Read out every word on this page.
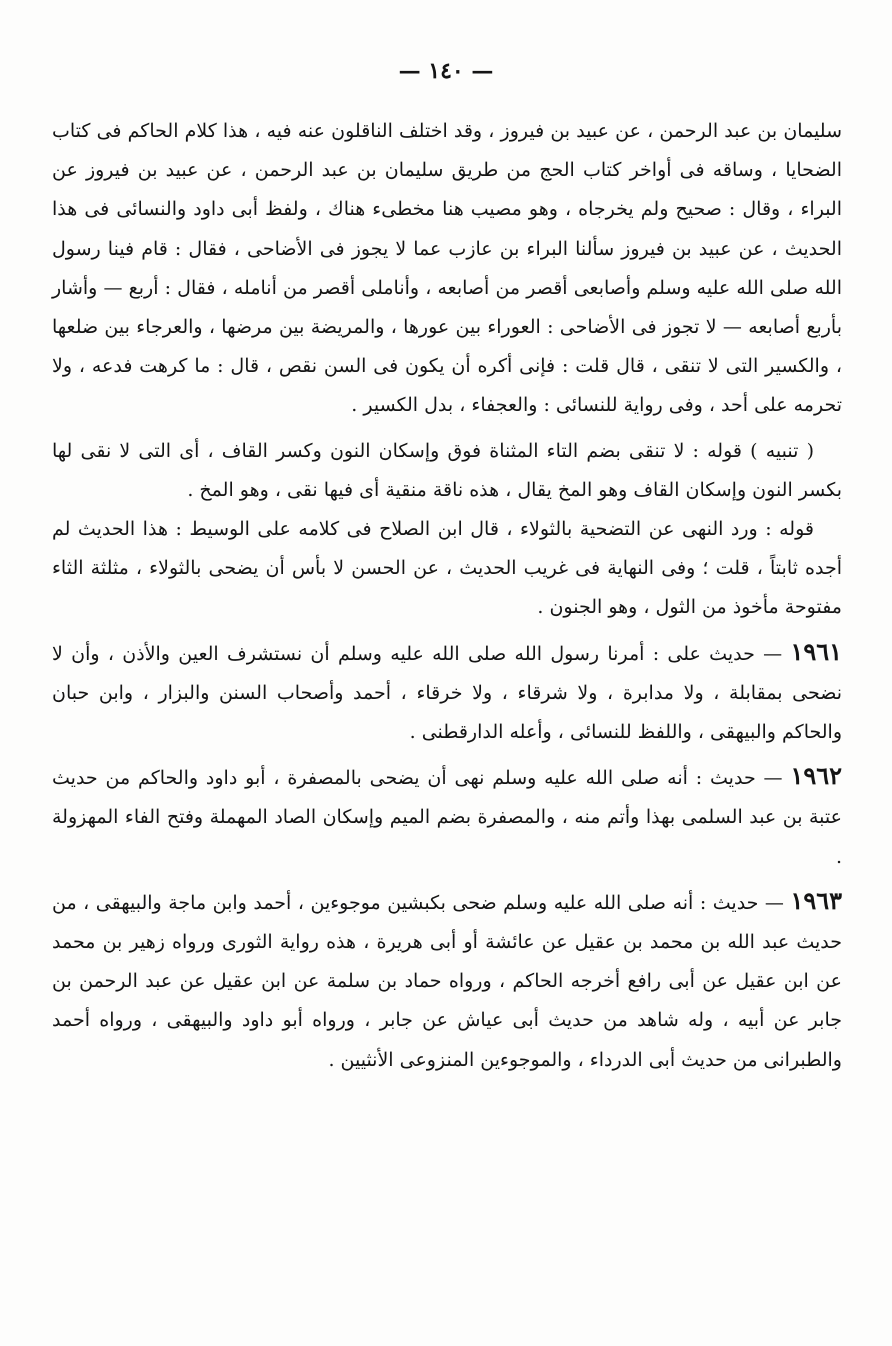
— ١٤٠ —

سليمان بن عبد الرحمن ، عن عبيد بن فيروز ، وقد اختلف الناقلون عنه فيه ، هذا كلام الحاكم فى كتاب الضحايا ، وساقه فى أواخر كتاب الحج من طريق سليمان بن عبد الرحمن ، عن عبيد بن فيروز عن البراء ، وقال : صحيح ولم يخرجاه ، وهو مصيب هنا مخطىء هناك ، ولفظ أبى داود والنسائى فى هذا الحديث ، عن عبيد بن فيروز سألنا البراء بن عازب عما لا يجوز فى الأضاحى ، فقال : قام فينا رسول الله صلى الله عليه وسلم وأصابعى أقصر من أصابعه ، وأناملى أقصر من أنامله ، فقال : أربع — وأشار بأربع أصابعه — لا تجوز فى الأضاحى : العوراء بين عورها ، والمريضة بين مرضها ، والعرجاء بين ضلعها ، والكسير التى لا تنقى ، قال قلت : فإنى أكره أن يكون فى السن نقص ، قال : ما كرهت فدعه ، ولا تحرمه على أحد ، وفى رواية للنسائى : والعجفاء ، بدل الكسير .

( تنبيه ) قوله : لا تنقى بضم التاء المثناة فوق وإسكان النون وكسر القاف ، أى التى لا نقى لها بكسر النون وإسكان القاف وهو المخ يقال ، هذه ناقة منقية أى فيها نقى ، وهو المخ .

قوله : ورد النهى عن التضحية بالثولاء ، قال ابن الصلاح فى كلامه على الوسيط : هذا الحديث لم أجده ثابتاً ، قلت ؛ وفى النهاية فى غريب الحديث ، عن الحسن لا بأس أن يضحى بالثولاء ، مثلثة الثاء مفتوحة مأخوذ من الثول ، وهو الجنون .

١٩٦١ — حديث على : أمرنا رسول الله صلى الله عليه وسلم أن نستشرف العين والأذن ، وأن لا نضحى بمقابلة ، ولا مدابرة ، ولا شرقاء ، ولا خرقاء ، أحمد وأصحاب السنن والبزار ، وابن حبان والحاكم والبيهقى ، واللفظ للنسائى ، وأعله الدارقطنى .

١٩٦٢ — حديث : أنه صلى الله عليه وسلم نهى أن يضحى بالمصفرة ، أبو داود والحاكم من حديث عتبة بن عبد السلمى بهذا وأتم منه ، والمصفرة بضم الميم وإسكان الصاد المهملة وفتح الفاء المهزولة .

١٩٦٣ — حديث : أنه صلى الله عليه وسلم ضحى بكبشين موجوءين ، أحمد وابن ماجة والبيهقى ، من حديث عبد الله بن محمد بن عقيل عن عائشة أو أبى هريرة ، هذه رواية الثورى ورواه زهير بن محمد عن ابن عقيل عن أبى رافع أخرجه الحاكم ، ورواه حماد بن سلمة عن ابن عقيل عن عبد الرحمن بن جابر عن أبيه ، وله شاهد من حديث أبى عياش عن جابر ، ورواه أبو داود والبيهقى ، ورواه أحمد والطبرانى من حديث أبى الدرداء ، والموجوءين المنزوعى الأنثيين .
